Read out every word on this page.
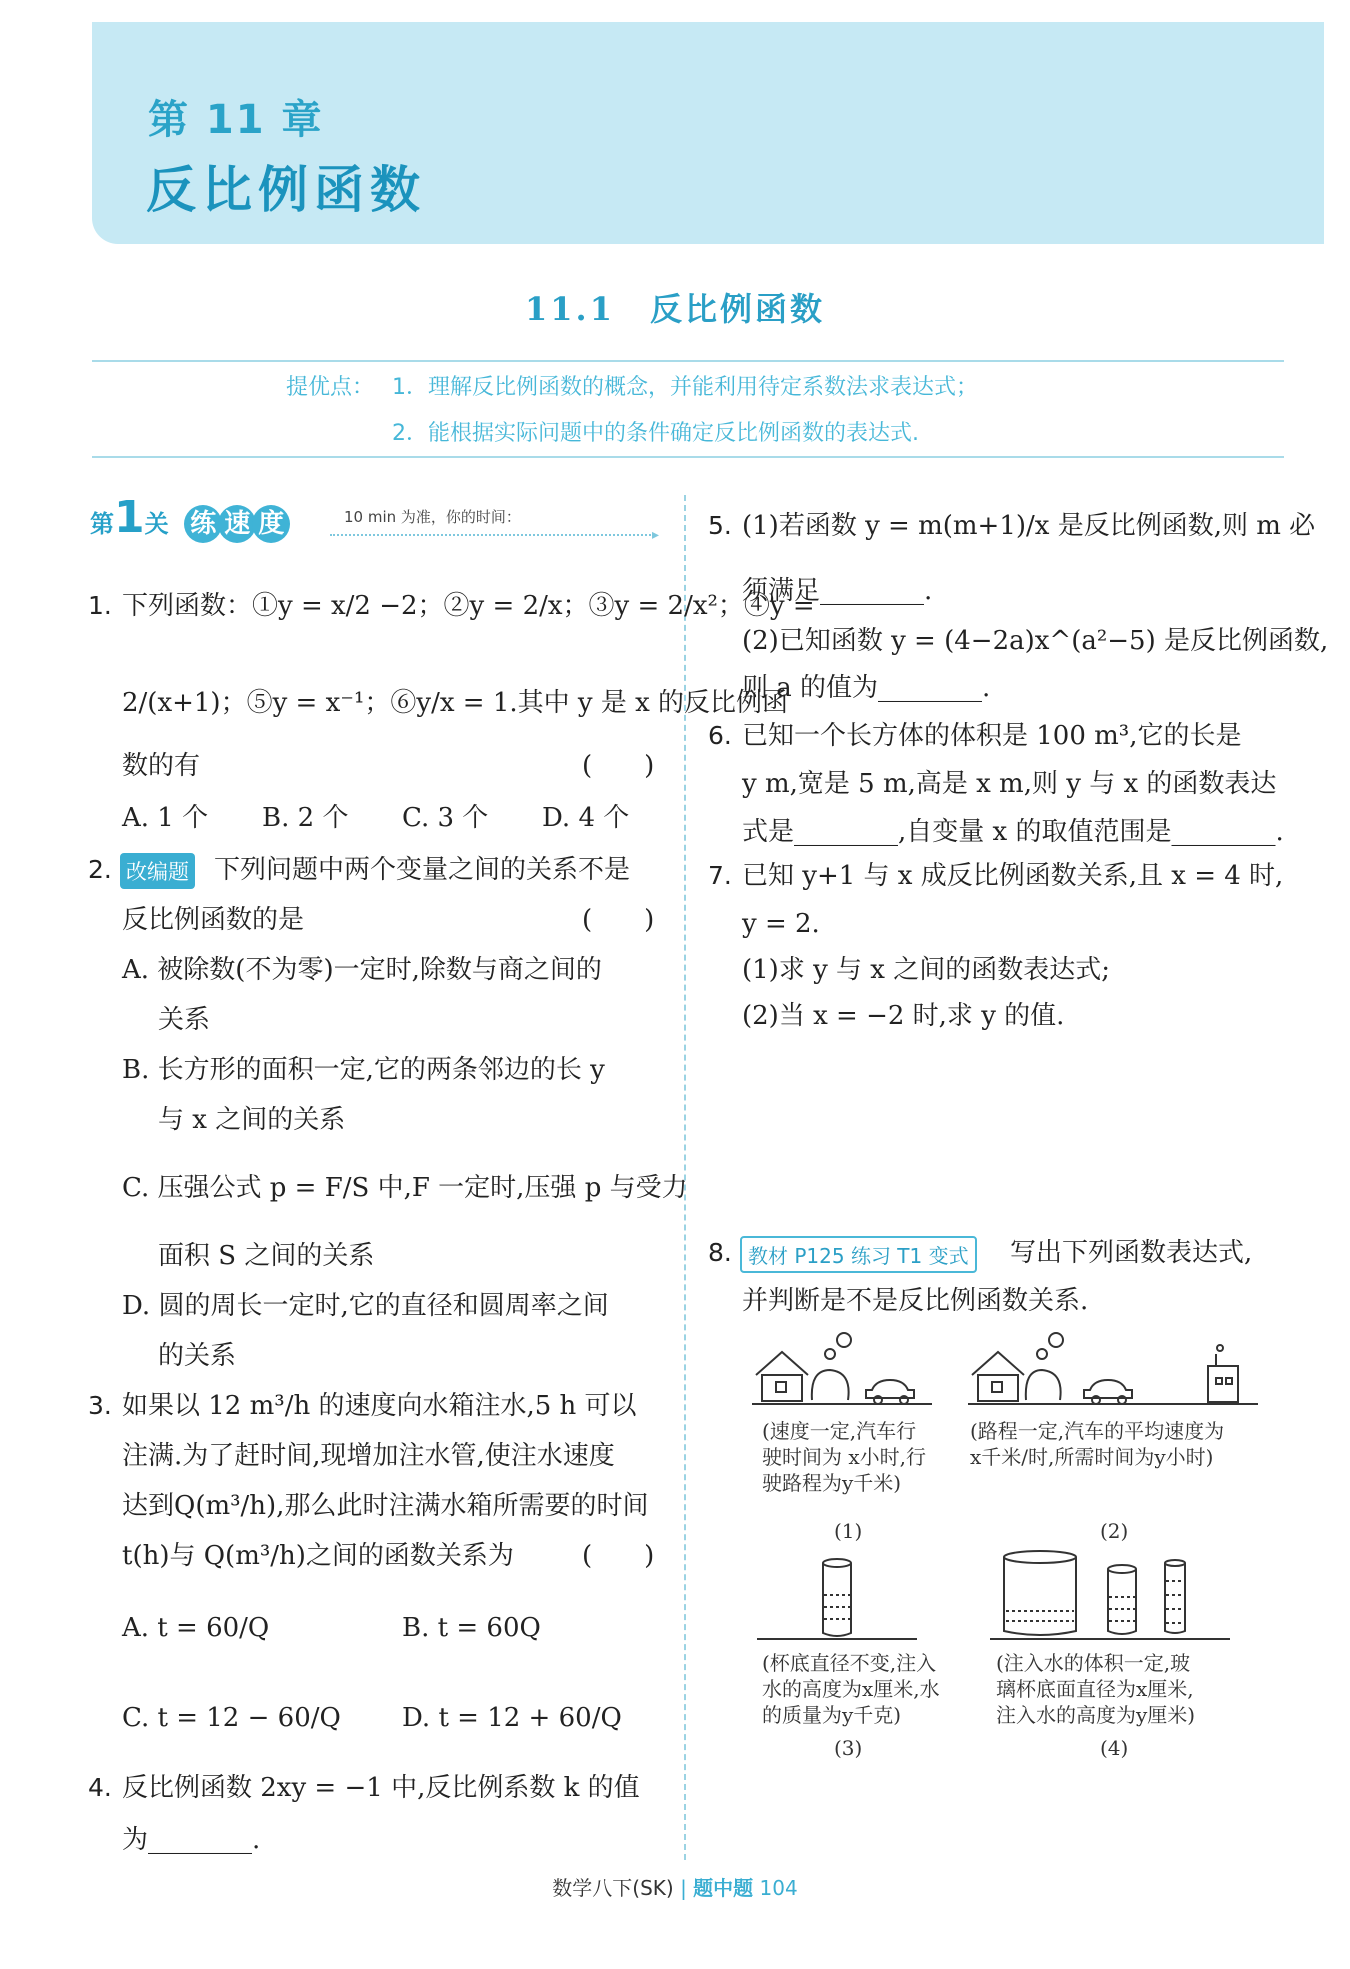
第 11 章
反比例函数
11.1　反比例函数
提优点： 1．理解反比例函数的概念，并能利用待定系数法求表达式；
2．能根据实际问题中的条件确定反比例函数的表达式.
第1关 练 速 度	10 min 为准，你的时间：
▸
1. 下列函数：①y = x/2 −2；②y = 2/x；③y = 2/x²；④y =
2/(x+1)；⑤y = x⁻¹；⑥y/x = 1.其中 y 是 x 的反比例函
数的有	(　　)
A. 1 个 B. 2 个 C. 3 个 D. 4 个
2. 改编题 下列问题中两个变量之间的关系不是
反比例函数的是	(　　)
A. 被除数(不为零)一定时,除数与商之间的
关系
B. 长方形的面积一定,它的两条邻边的长 y
与 x 之间的关系
C. 压强公式 p = F/S 中,F 一定时,压强 p 与受力
面积 S 之间的关系
D. 圆的周长一定时,它的直径和圆周率之间
的关系
3. 如果以 12 m³/h 的速度向水箱注水,5 h 可以
注满.为了赶时间,现增加注水管,使注水速度
达到Q(m³/h),那么此时注满水箱所需要的时间
t(h)与 Q(m³/h)之间的函数关系为	(　　)
A. t = 60/Q	B. t = 60Q
C. t = 12 − 60/Q D. t = 12 + 60/Q
4. 反比例函数 2xy = −1 中,反比例系数 k 的值
为________.
5. (1)若函数 y = m(m+1)/x 是反比例函数,则 m 必
须满足________.
(2)已知函数 y = (4−2a)x^(a²−5) 是反比例函数,
则 a 的值为________.
6. 已知一个长方体的体积是 100 m³,它的长是
y m,宽是 5 m,高是 x m,则 y 与 x 的函数表达
式是________,自变量 x 的取值范围是________.
7. 已知 y+1 与 x 成反比例函数关系,且 x = 4 时,
y = 2.
(1)求 y 与 x 之间的函数表达式;
(2)当 x = −2 时,求 y 的值.
8. 教材 P125 练习 T1 变式	写出下列函数表达式,
并判断是不是反比例函数关系.
(速度一定,汽车行
驶时间为 x小时,行
驶路程为y千米)
(1)
(路程一定,汽车的平均速度为
x千米/时,所需时间为y小时)
(2)
(杯底直径不变,注入
水的高度为x厘米,水
的质量为y千克)
(3)
(注入水的体积一定,玻
璃杯底面直径为x厘米,
注入水的高度为y厘米)
(4)
数学八下(SK) | 题中题 104
